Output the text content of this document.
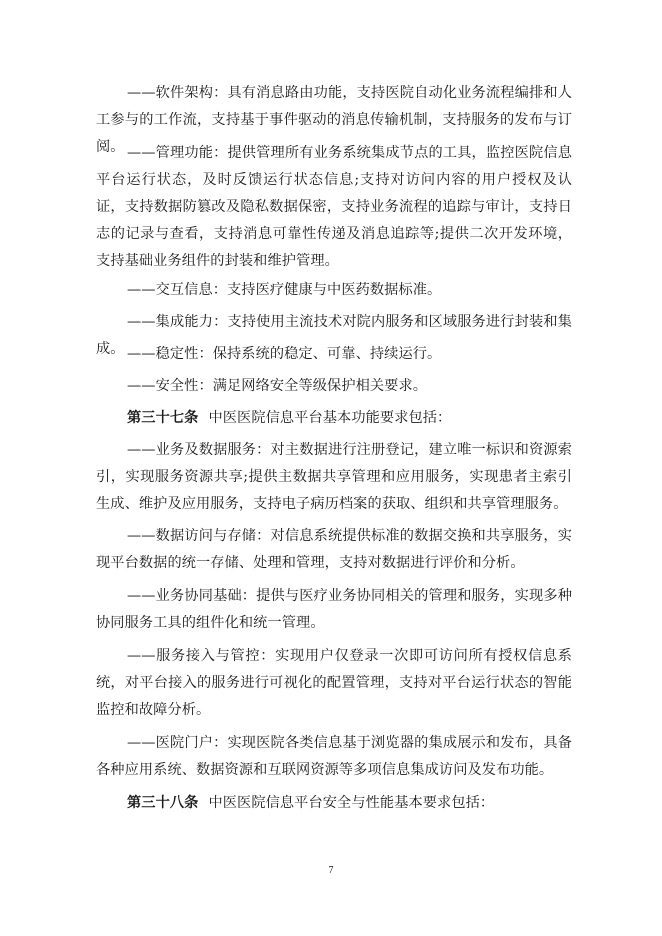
——软件架构：具有消息路由功能，支持医院自动化业务流程编排和人工参与的工作流，支持基于事件驱动的消息传输机制，支持服务的发布与订阅。 ——管理功能：提供管理所有业务系统集成节点的工具，监控医院信息平台运行状态，及时反馈运行状态信息;支持对访问内容的用户授权及认证，支持数据防篡改及隐私数据保密，支持业务流程的追踪与审计，支持日志的记录与查看，支持消息可靠性传递及消息追踪等;提供二次开发环境，支持基础业务组件的封装和维护管理。

——交互信息：支持医疗健康与中医药数据标准。

——集成能力：支持使用主流技术对院内服务和区域服务进行封装和集成。 ——稳定性：保持系统的稳定、可靠、持续运行。

——安全性：满足网络安全等级保护相关要求。

第三十七条 中医医院信息平台基本功能要求包括：

——业务及数据服务：对主数据进行注册登记，建立唯一标识和资源索引，实现服务资源共享;提供主数据共享管理和应用服务，实现患者主索引生成、维护及应用服务，支持电子病历档案的获取、组织和共享管理服务。

——数据访问与存储：对信息系统提供标准的数据交换和共享服务，实现平台数据的统一存储、处理和管理，支持对数据进行评价和分析。

——业务协同基础：提供与医疗业务协同相关的管理和服务，实现多种协同服务工具的组件化和统一管理。

——服务接入与管控：实现用户仅登录一次即可访问所有授权信息系统，对平台接入的服务进行可视化的配置管理，支持对平台运行状态的智能监控和故障分析。

——医院门户：实现医院各类信息基于浏览器的集成展示和发布，具备各种应用系统、数据资源和互联网资源等多项信息集成访问及发布功能。

第三十八条 中医医院信息平台安全与性能基本要求包括：

7
